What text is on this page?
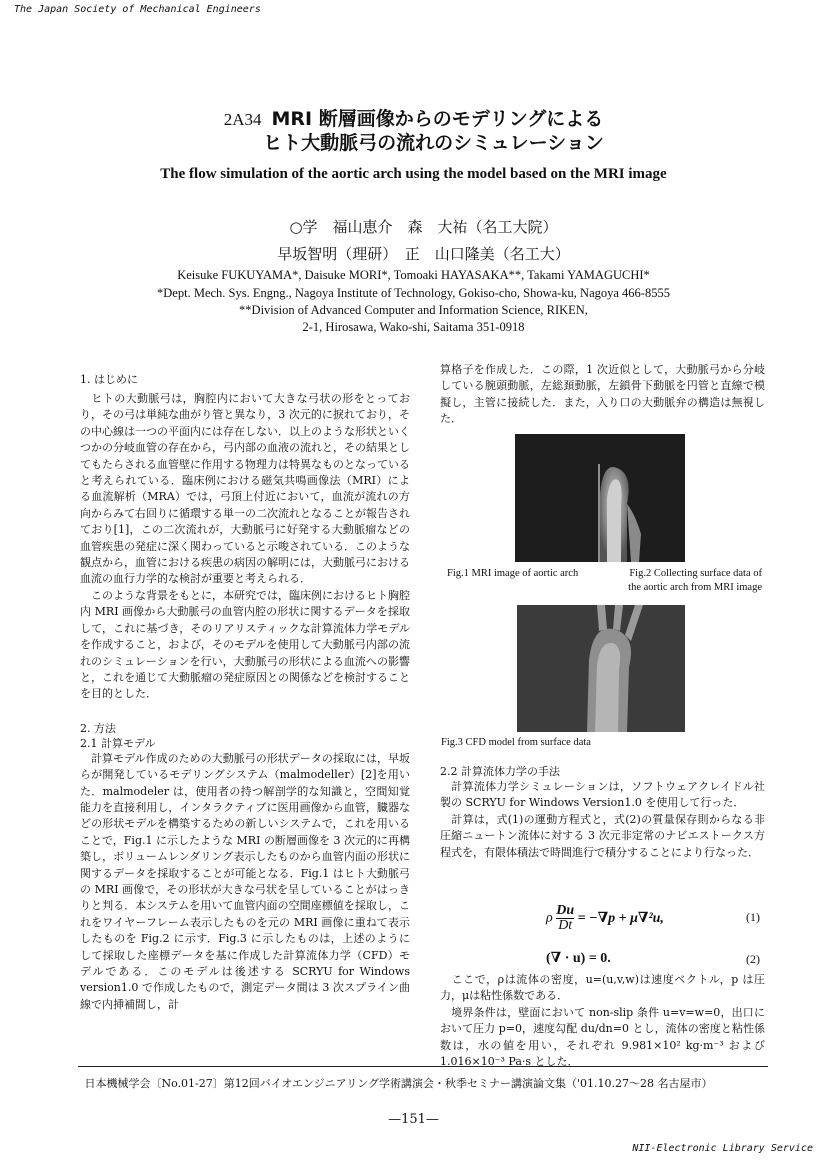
The Japan Society of Mechanical Engineers
2A34 MRI 断層画像からのモデリングによる
ヒト大動脈弓の流れのシミュレーション
The flow simulation of the aortic arch using the model based on the MRI image
○学　福山恵介　森　大祐（名工大院）
早坂智明（理研）　正　山口隆美（名工大）
Keisuke FUKUYAMA*, Daisuke MORI*, Tomoaki HAYASAKA**, Takami YAMAGUCHI*
*Dept. Mech. Sys. Engng., Nagoya Institute of Technology, Gokiso-cho, Showa-ku, Nagoya 466-8555
**Division of Advanced Computer and Information Science, RIKEN,
2-1, Hirosawa, Wako-shi, Saitama 351-0918

1. はじめに

　ヒトの大動脈弓は，胸腔内において大きな弓状の形をとっており，その弓は単純な曲がり管と異なり，3 次元的に捩れており，その中心線は一つの平面内には存在しない．以上のような形状といくつかの分岐血管の存在から，弓内部の血液の流れと，その結果としてもたらされる血管壁に作用する物理力は特異なものとなっていると考えられている．臨床例における磁気共鳴画像法（MRI）による血流解析（MRA）では，弓頂上付近において，血流が流れの方向からみて右回りに循環する単一の二次流れとなることが報告されており[1]，この二次流れが，大動脈弓に好発する大動脈瘤などの血管疾患の発症に深く関わっていると示唆されている．このような観点から，血管における疾患の病因の解明には，大動脈弓における血流の血行力学的な検討が重要と考えられる．

　このような背景をもとに，本研究では，臨床例におけるヒト胸腔内 MRI 画像から大動脈弓の血管内腔の形状に関するデータを採取して，これに基づき，そのリアリスティックな計算流体力学モデルを作成すること，および，そのモデルを使用して大動脈弓内部の流れのシミュレーションを行い，大動脈弓の形状による血流への影響と，これを通じて大動脈瘤の発症原因との関係などを検討することを目的とした．

2. 方法

2.1 計算モデル

　計算モデル作成のための大動脈弓の形状データの採取には，早坂らが開発しているモデリングシステム（malmodeller）[2]を用いた．malmodeler は，使用者の持つ解剖学的な知識と，空間知覚能力を直接利用し，インタラクティブに医用画像から血管，臓器などの形状モデルを構築するための新しいシステムで，これを用いることで，Fig.1 に示したような MRI の断層画像を 3 次元的に再構築し，ボリュームレンダリング表示したものから血管内面の形状に関するデータを採取することが可能となる．Fig.1 はヒト大動脈弓の MRI 画像で，その形状が大きな弓状を呈していることがはっきりと判る．本システムを用いて血管内面の空間座標値を採取し，これをワイヤーフレーム表示したものを元の MRI 画像に重ねて表示したものを Fig.2 に示す．Fig.3 に示したものは，上述のようにして採取した座標データを基に作成した計算流体力学（CFD）モデルである．このモデルは後述する SCRYU for Windows version1.0 で作成したもので，測定データ間は 3 次スプライン曲線で内挿補間し，計

算格子を作成した．この際，1 次近似として，大動脈弓から分岐している腕頭動脈，左総頚動脈，左鎖骨下動脈を円管と直線で模擬し，主管に接続した．また，入り口の大動脈弁の構造は無視した．

Fig.1 MRI image of aortic arch	Fig.2 Collecting surface data of
the aortic arch from MRI image
Fig.3 CFD model from surface data

2.2 計算流体力学の手法

　計算流体力学シミュレーションは，ソフトウェアクレイドル社製の SCRYU for Windows Version1.0 を使用して行った．

　計算は，式(1)の運動方程式と，式(2)の質量保存則からなる非圧縮ニュートン流体に対する 3 次元非定常のナビエストークス方程式を，有限体積法で時間進行で積分することにより行なった．

ρ $\frac{Du}{Dt} = -\nabla p + \mu\nabla^2u$,	(1)
(∇ · u) = 0.	(2)

　ここで，ρは流体の密度，u=(u,v,w)は速度ベクトル，p は圧力，μは粘性係数である．

　境界条件は，壁面において non-slip 条件 u=v=w=0，出口において圧力 p=0，速度勾配 du/dn=0 とし，流体の密度と粘性係数は，水の値を用い，それぞれ 9.981×10² kg·m⁻³ および 1.016×10⁻³ Pa·s とした．

日本機械学会〔No.01-27〕第12回バイオエンジニアリング学術講演会・秋季セミナー講演論文集（'01.10.27〜28 名古屋市）
—151—
NII-Electronic Library Service
